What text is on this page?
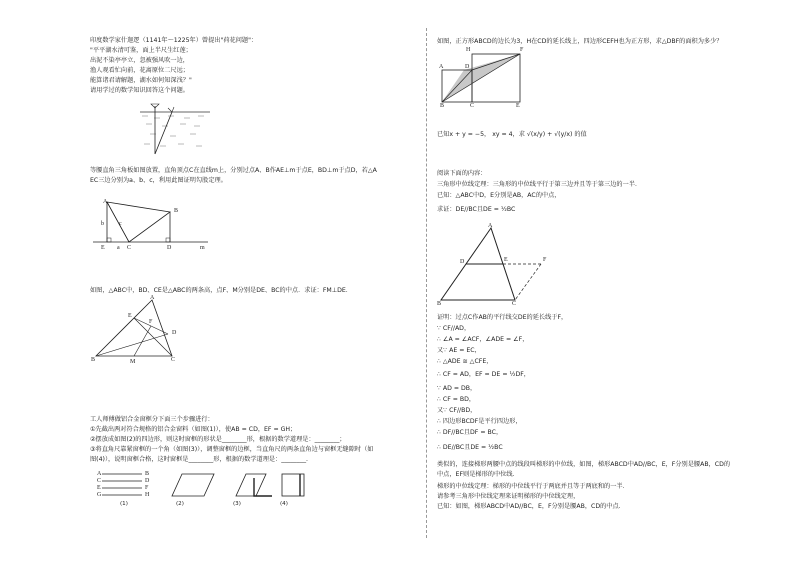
印度数学家什迦逻（1141年～1225年）曾提出"荷花问题"：
"平平湖水清可鉴，面上半尺生红莲；
出泥不染亭亭立，忽被强风吹一边，
渔人观看忙向前，花离原位二尺远；
能算诸君请解题，湖水如何知深浅？"
请用学过的数学知识回答这个问题。
等腰直角三角板如图放置，直角顶点C在直线m上，分别过点A、B作AE⊥m于点E，BD⊥m于点D，若△A
EC三边分别为a、b、c，利用此图证明勾股定理。
A
B
E	C	D
a
b	c
m
如图，△ABC中，BD、CE是△ABC的两条高，点F、M分别是DE、BC的中点．求证：FM⊥DE．
A
B	C
D
E
F
M
工人师傅做铝合金窗框分下面三个步骤进行：
①先截出两对符合规格的铝合金窗料（如图(1)），使AB = CD，EF = GH；
②摆放成如图(2)的四边形，则这时窗框的形状是________形，根据的数学道理是：________；
③将直角尺靠紧窗框的一个角（如图(3)），调整窗框的边框，当直角尺的两条直角边与窗框无缝隙时（如
图(4)），说明窗框合格，这时窗框是________形，根据的数学道理是：________.
(1)	(2)	(3)	(4)
A	B
C	D
E	F
G	H
如图，正方形ABCD的边长为3，H在CD的延长线上，四边形CEFH也为正方形，求△DBF的面积为多少？
A	D
H	F
B	C	E
已知x + y = −5， xy = 4，求 √(x/y) + √(y/x) 的值
阅读下面的内容：
三角形中位线定理：三角形的中位线平行于第三边并且等于第三边的一半．
已知：△ABC中D，E分别是AB，AC的中点，
求证：DE//BC且DE = ½BC
A
D	E	F
B	C
证明：过点C作AB的平行线交DE的延长线于F，
∵ CF//AD，
∴ ∠A = ∠ACF，∠ADE = ∠F，
又∵ AE = EC，
∴ △ADE ≅ △CFE，
∴ CF = AD，EF = DE = ½DF，
∵ AD = DB，
∴ CF = BD，
又∵ CF//BD，
∴ 四边形BCDF是平行四边形，
∴ DF//BC且DF = BC，
∴ DE//BC且DE = ½BC
类似的，连接梯形两腰中点的线段叫梯形的中位线，如图，梯形ABCD中AD//BC，E，F分别是腰AB，CD的
中点，EF则是梯形的中位线．
梯形的中位线定理：梯形的中位线平行于两底并且等于两底和的一半．
请参考三角形中位线定理来证明梯形的中位线定理，
已知：如图，梯形ABCD中AD//BC，E，F分别是腰AB，CD的中点．
